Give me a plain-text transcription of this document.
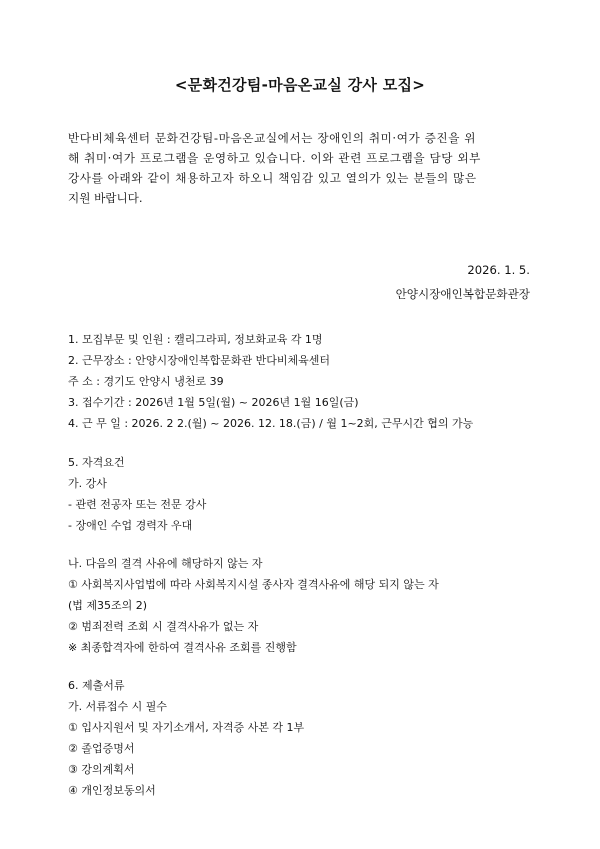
<문화건강팀-마음온교실 강사 모집>
반다비체육센터 문화건강팀-마음온교실에서는 장애인의 취미·여가 증진을 위
해 취미·여가 프로그램을 운영하고 있습니다. 이와 관련 프로그램을 담당 외부
강사를 아래와 같이 채용하고자 하오니 책임감 있고 열의가 있는 분들의 많은
지원 바랍니다.
2026. 1. 5.
안양시장애인복합문화관장
1. 모집부문 및 인원 : 캘리그라피, 정보화교육 각 1명
2. 근무장소 : 안양시장애인복합문화관 반다비체육센터
주 소 : 경기도 안양시 냉천로 39
3. 접수기간 : 2026년 1월 5일(월) ~ 2026년 1월 16일(금)
4. 근 무 일 : 2026. 2 2.(월) ~ 2026. 12. 18.(금) / 월 1~2회, 근무시간 협의 가능
5. 자격요건
가. 강사
- 관련 전공자 또는 전문 강사
- 장애인 수업 경력자 우대
나. 다음의 결격 사유에 해당하지 않는 자
① 사회복지사업법에 따라 사회복지시설 종사자 결격사유에 해당 되지 않는 자
(법 제35조의 2)
② 범죄전력 조회 시 결격사유가 없는 자
※ 최종합격자에 한하여 결격사유 조회를 진행함
6. 제출서류
가. 서류접수 시 필수
① 입사지원서 및 자기소개서, 자격증 사본 각 1부
② 졸업증명서
③ 강의계획서
④ 개인정보동의서
